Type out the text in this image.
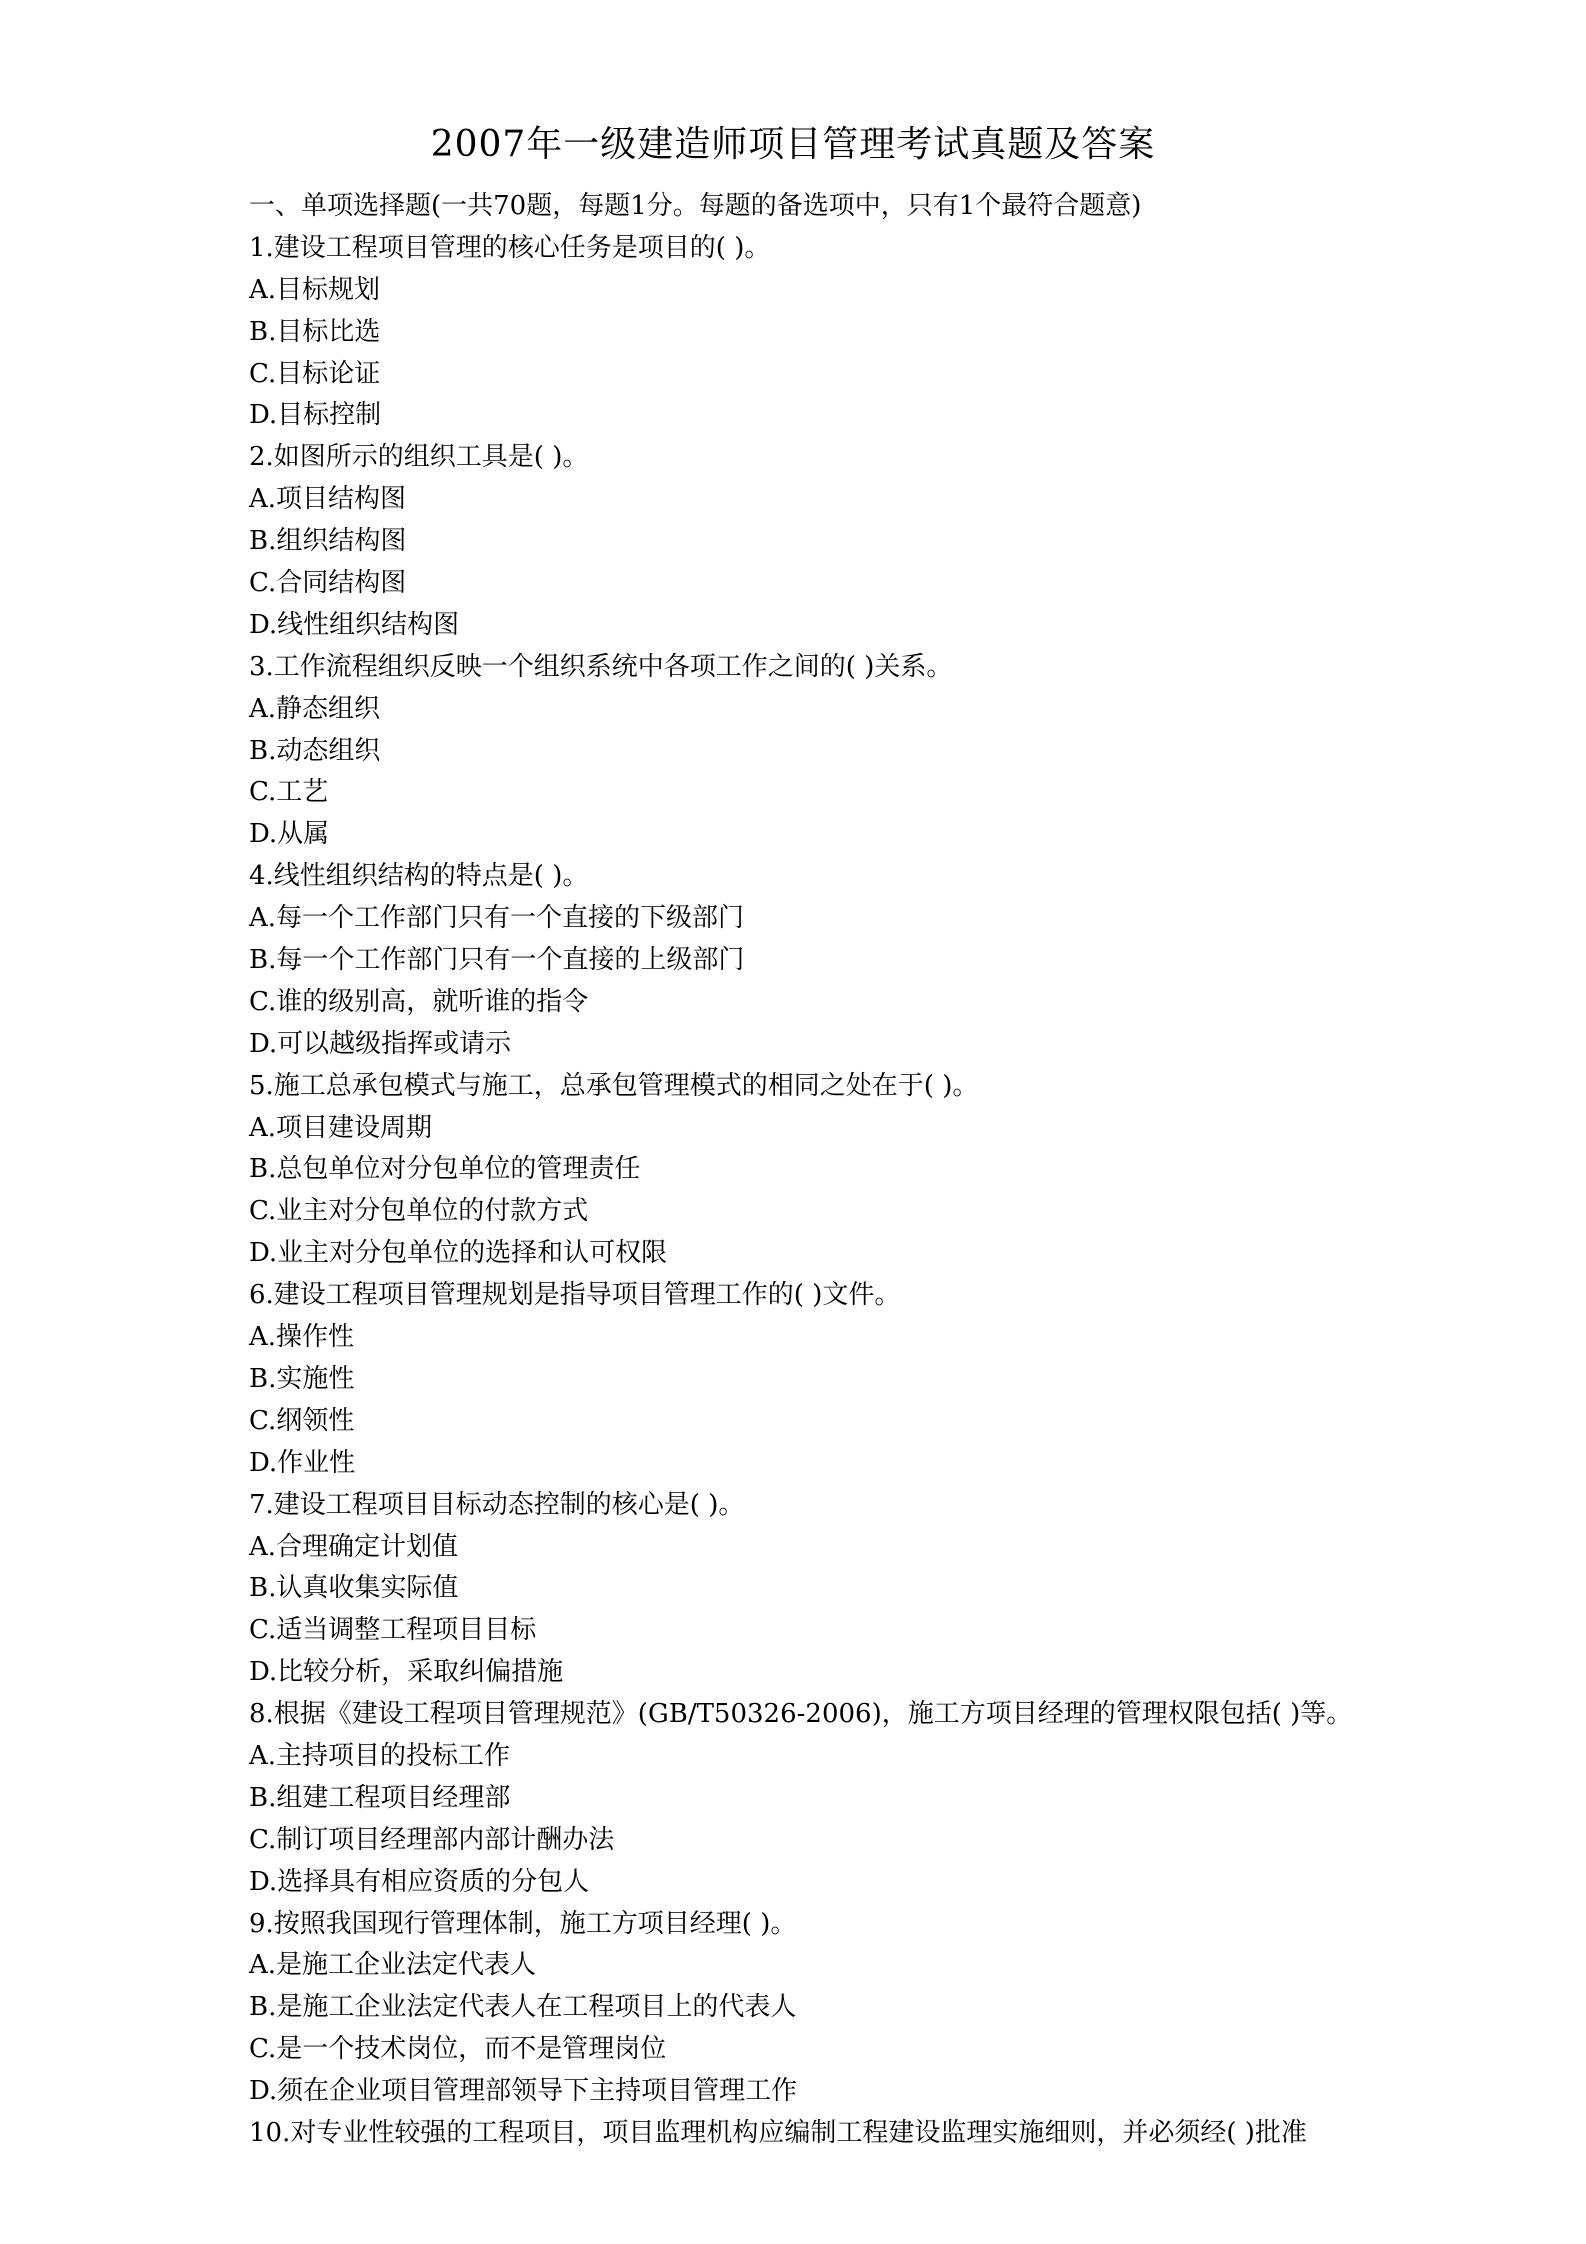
2007年一级建造师项目管理考试真题及答案
一、单项选择题(一共70题，每题1分。每题的备选项中，只有1个最符合题意)
1.建设工程项目管理的核心任务是项目的( )。
A.目标规划
B.目标比选
C.目标论证
D.目标控制
2.如图所示的组织工具是( )。
A.项目结构图
B.组织结构图
C.合同结构图
D.线性组织结构图
3.工作流程组织反映一个组织系统中各项工作之间的( )关系。
A.静态组织
B.动态组织
C.工艺
D.从属
4.线性组织结构的特点是( )。
A.每一个工作部门只有一个直接的下级部门
B.每一个工作部门只有一个直接的上级部门
C.谁的级别高，就听谁的指令
D.可以越级指挥或请示
5.施工总承包模式与施工，总承包管理模式的相同之处在于( )。
A.项目建设周期
B.总包单位对分包单位的管理责任
C.业主对分包单位的付款方式
D.业主对分包单位的选择和认可权限
6.建设工程项目管理规划是指导项目管理工作的( )文件。
A.操作性
B.实施性
C.纲领性
D.作业性
7.建设工程项目目标动态控制的核心是( )。
A.合理确定计划值
B.认真收集实际值
C.适当调整工程项目目标
D.比较分析，采取纠偏措施
8.根据《建设工程项目管理规范》(GB/T50326-2006)，施工方项目经理的管理权限包括( )等。
A.主持项目的投标工作
B.组建工程项目经理部
C.制订项目经理部内部计酬办法
D.选择具有相应资质的分包人
9.按照我国现行管理体制，施工方项目经理( )。
A.是施工企业法定代表人
B.是施工企业法定代表人在工程项目上的代表人
C.是一个技术岗位，而不是管理岗位
D.须在企业项目管理部领导下主持项目管理工作
10.对专业性较强的工程项目，项目监理机构应编制工程建设监理实施细则，并必须经( )批准
